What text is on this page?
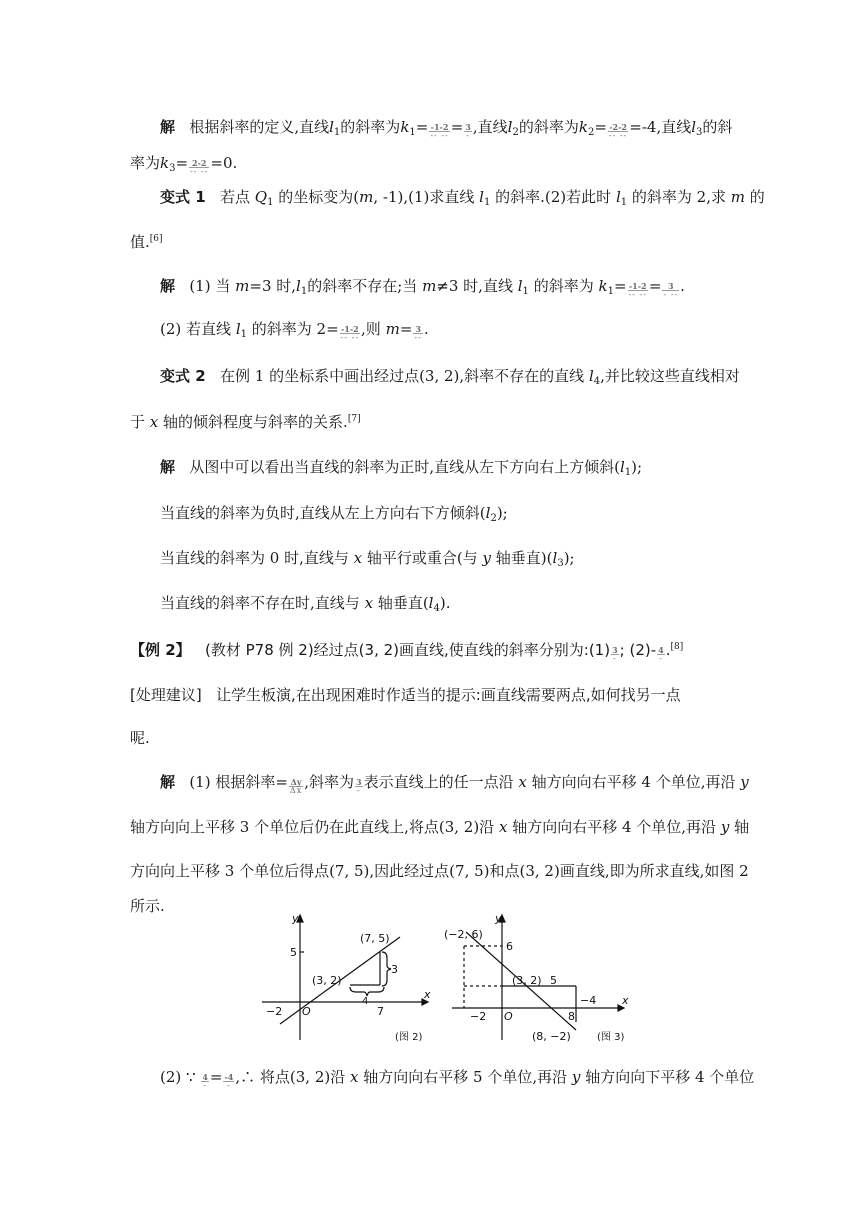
解 根据斜率的定义,直线$l_1$的斜率为$k_1= \frac{-1-2}{-- --} = \frac{3}{-}$ ,直线$l_2$的斜率为$k_2= \frac{-2-2}{-- --} =-4$,直线$l_3$的斜
率为$k_3= \frac{2-2}{-- --} =0$.
变式 1 若点 $Q_1$ 的坐标变为(m, -1),(1)求直线 $l_1$ 的斜率.(2)若此时 $l_1$ 的斜率为 2,求 m 的
值.[6]
解 (1) 当 m=3 时$,l_1$的斜率不存在;当 m≠3 时,直线 $l_1$ 的斜率为 $k_1= \frac{-1-2}{-- --} = \frac{3}{- --}$ .
(2) 若直线 $l_1$ 的斜率为 $2= \frac{-1-2}{-- --}$ ,则 $m= \frac{3}{--}$ .
变式 2 在例 1 的坐标系中画出经过点(3, 2),斜率不存在的直线 $l_4$,并比较这些直线相对
于 x 轴的倾斜程度与斜率的关系.[7]
解 从图中可以看出当直线的斜率为正时,直线从左下方向右上方倾斜$(l_1)$;
当直线的斜率为负时,直线从左上方向右下方倾斜$(l_2)$;
当直线的斜率为 0 时,直线与 x 轴平行或重合(与 y 轴垂直)$(l_3)$;
当直线的斜率不存在时,直线与 x 轴垂直$(l_4)$.
【例 2】 (教材 P78 例 2)经过点(3, 2)画直线,使直线的斜率分别为:(1) $\frac{3}{-}$ ; $(2)- \frac{4}{-} .[8]$
[处理建议] 让学生板演,在出现困难时作适当的提示:画直线需要两点,如何找另一点
呢.
解 (1) 根据斜率= $\frac{\Delta y}{\Delta x}$ ,斜率为 $\frac{3}{-}$ 表示直线上的任一点沿 x 轴方向向右平移 4 个单位,再沿 y
轴方向向上平移 3 个单位后仍在此直线上,将点(3, 2)沿 x 轴方向向右平移 4 个单位,再沿 y 轴
方向向上平移 3 个单位后得点(7, 5),因此经过点(7, 5)和点(3, 2)画直线,即为所求直线,如图 2
所示.
y
x
O
5
−2
4
7
(7, 5)
(3, 2)
3
(图 2)
y
x
O
(−2, 6)
6
(3, 2) 5
−4
−2	8
(8, −2)	(图 3)
(2) ∵ $\frac{4}{-} = \frac{-4}{-}$ ,∴ 将点(3, 2)沿 x 轴方向向右平移 5 个单位,再沿 y 轴方向向下平移 4 个单位
